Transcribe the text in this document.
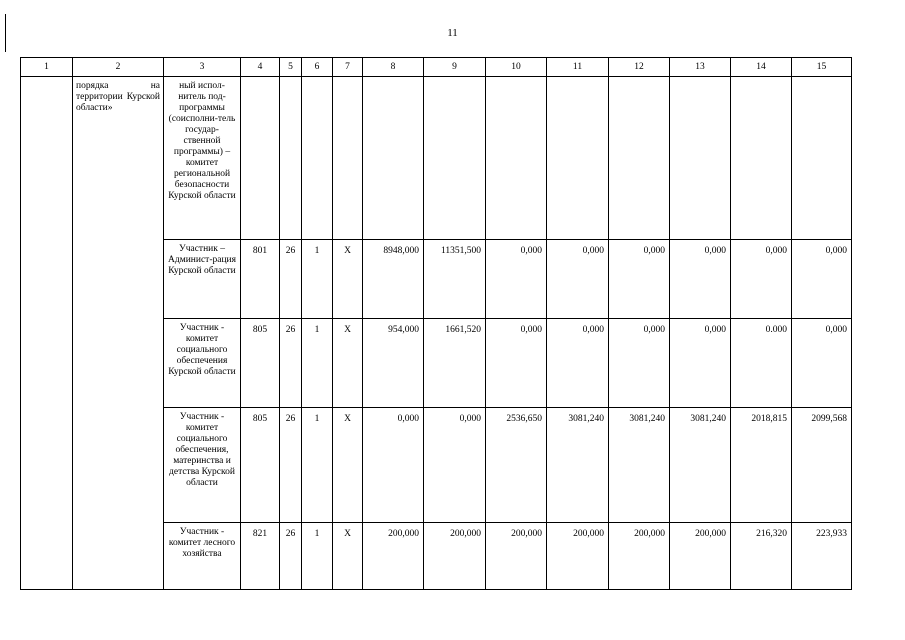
11
1	2	3	4	5	6	7	8	9	10	11	12	13	14	15
	порядка на территории Курской области»	ный испол-нитель под-программы (соисполни-тель государ-ственной программы) – комитет региональной безопасности Курской области												
		Участник – Админист-рация Курской области	801	26	1	Х	8948,000	11351,500	0,000	0,000	0,000	0,000	0,000	0,000
		Участник - комитет социального обеспечения Курской области	805	26	1	Х	954,000	1661,520	0,000	0,000	0,000	0,000	0.000	0,000
		Участник - комитет социального обеспечения, материнства и детства Курской области	805	26	1	Х	0,000	0,000	2536,650	3081,240	3081,240	3081,240	2018,815	2099,568
		Участник - комитет лесного хозяйства	821	26	1	Х	200,000	200,000	200,000	200,000	200,000	200,000	216,320	223,933
